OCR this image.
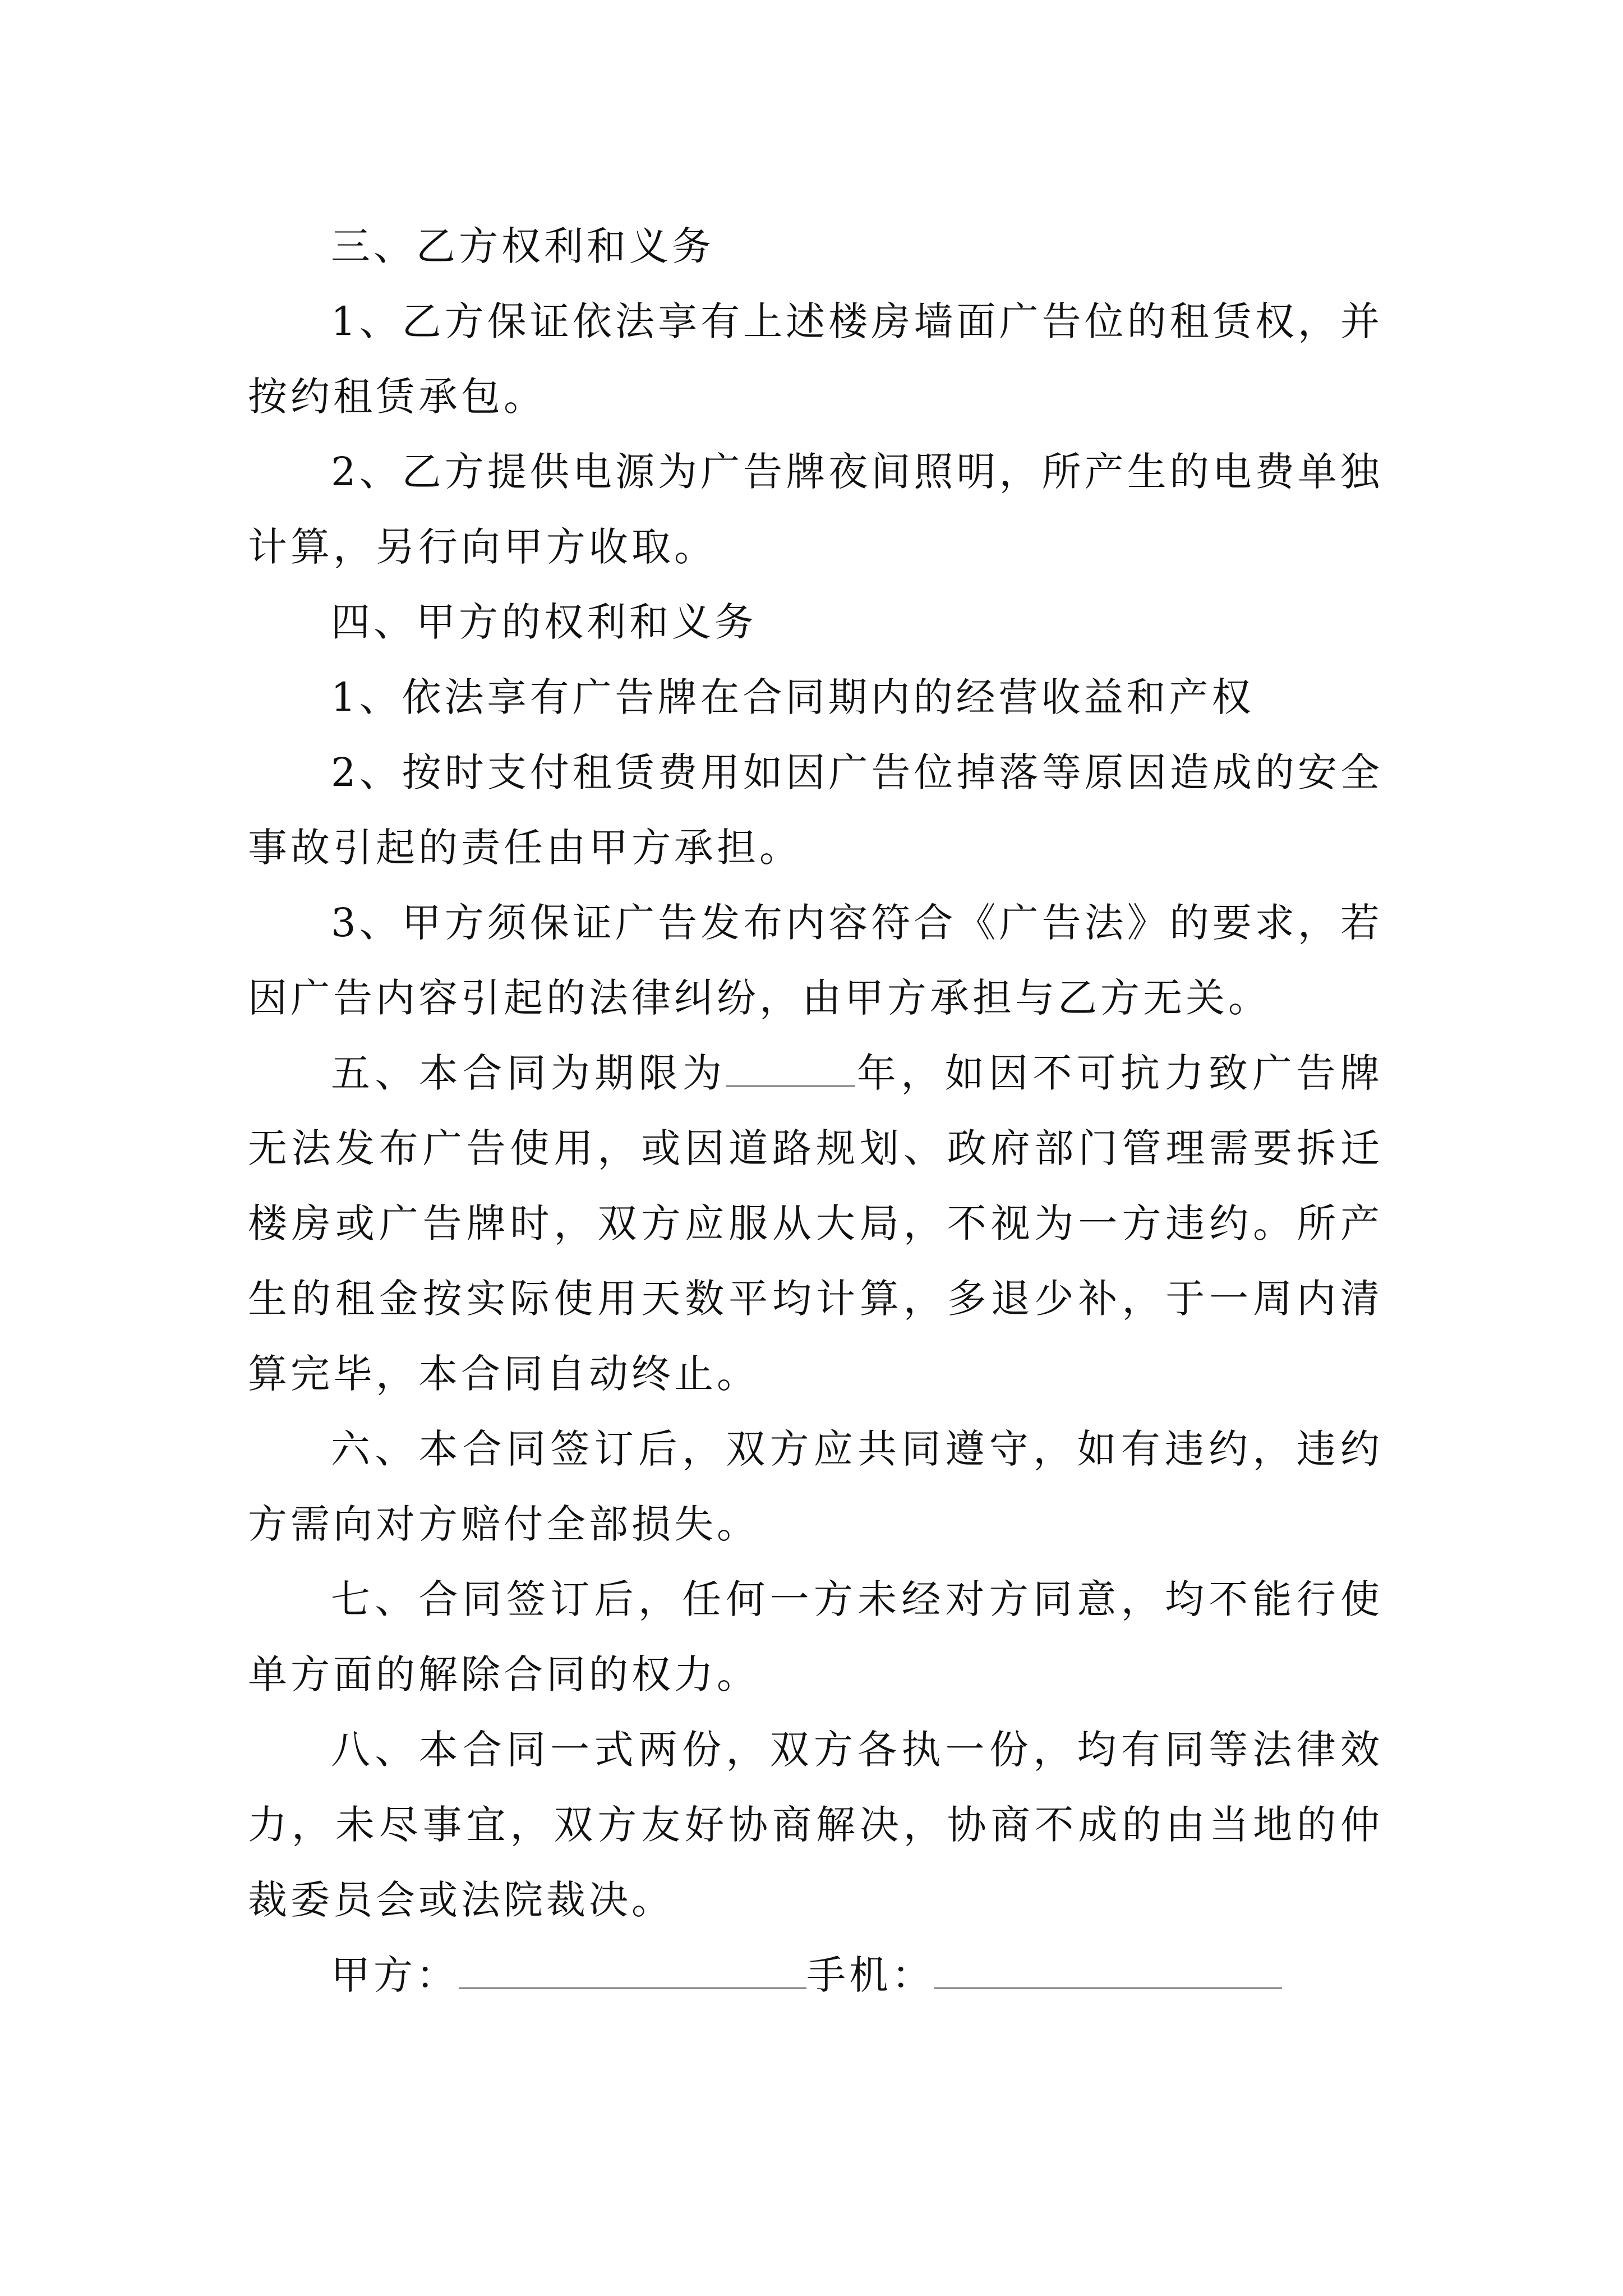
三、乙方权利和义务

1、乙方保证依法享有上述楼房墙面广告位的租赁权，并按约租赁承包。

2、乙方提供电源为广告牌夜间照明，所产生的电费单独计算，另行向甲方收取。

四、甲方的权利和义务

1、依法享有广告牌在合同期内的经营收益和产权

2、按时支付租赁费用如因广告位掉落等原因造成的安全事故引起的责任由甲方承担。

3、甲方须保证广告发布内容符合《广告法》的要求，若因广告内容引起的法律纠纷，由甲方承担与乙方无关。

五、本合同为期限为	年，如因不可抗力致广告牌无法发布广告使用，或因道路规划、政府部门管理需要拆迁楼房或广告牌时，双方应服从大局，不视为一方违约。所产生的租金按实际使用天数平均计算，多退少补，于一周内清算完毕，本合同自动终止。

六、本合同签订后，双方应共同遵守，如有违约，违约方需向对方赔付全部损失。

七、合同签订后，任何一方未经对方同意，均不能行使单方面的解除合同的权力。

八、本合同一式两份，双方各执一份，均有同等法律效力，未尽事宜，双方友好协商解决，协商不成的由当地的仲裁委员会或法院裁决。

甲方：	手机：
